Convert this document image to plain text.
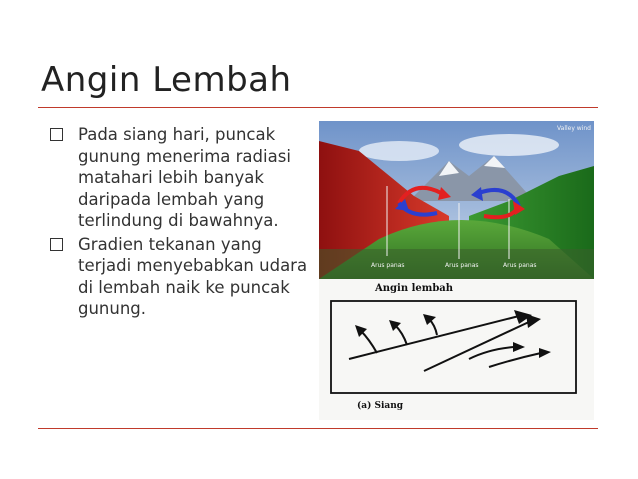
Angin Lembah
Pada siang hari, puncak gunung menerima radiasi matahari lebih banyak daripada lembah yang terlindung di bawahnya.
Gradien tekanan yang terjadi menyebabkan udara di lembah naik ke puncak gunung.
Valley wind
Arus panas	Arus panas	Arus panas
Angin lembah
(a) Siang
